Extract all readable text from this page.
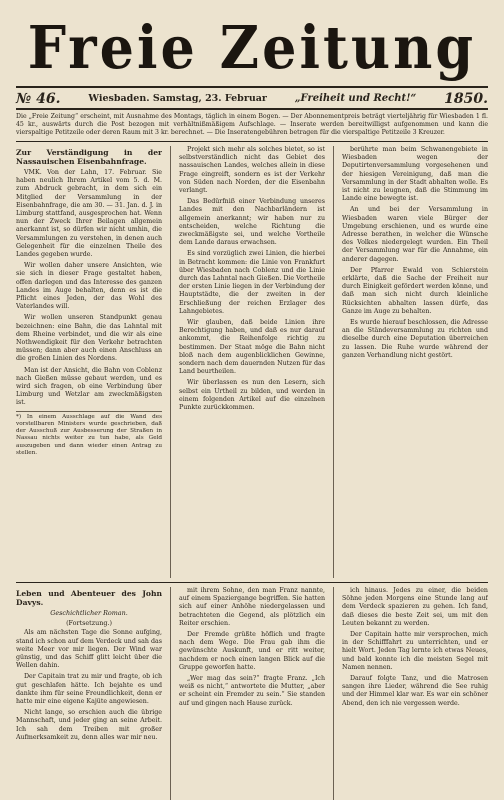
Freie Zeitung
№ 46.	Wiesbaden. Samstag, 23. Februar	„Freiheit und Recht!“ 1850.
Die „Freie Zeitung“ erscheint, mit Ausnahme des Montags, täglich in einem Bogen. — Der Abonnementpreis beträgt vierteljährig für Wiesbaden 1 fl. 45 kr., auswärts durch die Post bezogen mit verhältnißmäßigem Aufschlage. — Inserate werden bereitwilligst aufgenommen und kann die vierspaltige Petitzeile oder deren Raum mit 3 kr. berechnet. — Die Inseratengebühren betragen für die vierspaltige Petitzeile 3 Kreuzer.
Zur Verständigung in der Nassauischen Eisenbahnfrage.

VMK. Von der Lahn, 17. Februar. Sie haben neulich Ihrem Artikel vom 5. d. M. zum Abdruck gebracht, in dem sich ein Mitglied der Versammlung in der Eisenbahnfrage, die am 30. — 31. Jan. d. J. in Limburg stattfand, ausgesprochen hat. Wenn nun der Zweck Ihrer Beilagen allgemein anerkannt ist, so dürfen wir nicht umhin, die Versammlungen zu verstehen, in denen auch Gelegenheit für die einzelnen Theile des Landes gegeben wurde.

Wir wollen daher unsere Ansichten, wie sie sich in dieser Frage gestaltet haben, offen darlegen und das Interesse des ganzen Landes im Auge behalten, denn es ist die Pflicht eines Jeden, der das Wohl des Vaterlandes will.

Wir wollen unseren Standpunkt genau bezeichnen: eine Bahn, die das Lahntal mit dem Rheine verbindet, und die wir als eine Nothwendigkeit für den Verkehr betrachten müssen; dann aber auch einen Anschluss an die großen Linien des Nordens.

Man ist der Ansicht, die Bahn von Coblenz nach Gießen müsse gebaut werden, und es wird sich fragen, ob eine Verbindung über Limburg und Wetzlar am zweckmäßigsten ist.

*) In einem Ausschlage auf die Wand des vorstellbaren Ministers wurde geschrieben, daß der Ausschuß zur Ausbesserung der Straßen in Nassau nichts weiter zu tun habe, als Geld auszugeben und dann wieder einen Antrag zu stellen.

Projekt sich mehr als solches bietet, so ist selbstverständlich nicht das Gebiet des nassauischen Landes, welches allein in diese Frage eingreift, sondern es ist der Verkehr von Süden nach Norden, der die Eisenbahn verlangt.

Das Bedürfniß einer Verbindung unseres Landes mit den Nachbarländern ist allgemein anerkannt; wir haben nur zu entscheiden, welche Richtung die zweckmäßigste sei, und welche Vortheile dem Lande daraus erwachsen.

Es sind vorzüglich zwei Linien, die hierbei in Betracht kommen: die Linie von Frankfurt über Wiesbaden nach Coblenz und die Linie durch das Lahntal nach Gießen. Die Vortheile der ersten Linie liegen in der Verbindung der Hauptstädte, die der zweiten in der Erschließung der reichen Erzlager des Lahngebietes.

Wir glauben, daß beide Linien ihre Berechtigung haben, und daß es nur darauf ankommt, die Reihenfolge richtig zu bestimmen. Der Staat möge die Bahn nicht bloß nach dem augenblicklichen Gewinne, sondern nach dem dauernden Nutzen für das Land beurtheilen.

Wir überlassen es nun den Lesern, sich selbst ein Urtheil zu bilden, und werden in einem folgenden Artikel auf die einzelnen Punkte zurückkommen.

berührte man beim Schwanengebiete in Wiesbaden wegen der Deputirtenversammlung vorgesehenen und der hiesigen Vereinigung, daß man die Versammlung in der Stadt abhalten wolle. Es ist nicht zu leugnen, daß die Stimmung im Lande eine bewegte ist.

An und bei der Versammlung in Wiesbaden waren viele Bürger der Umgebung erschienen, und es wurde eine Adresse berathen, in welcher die Wünsche des Volkes niedergelegt wurden. Ein Theil der Versammlung war für die Annahme, ein anderer dagegen.

Der Pfarrer Ewald von Schierstein erklärte, daß die Sache der Freiheit nur durch Einigkeit gefördert werden könne, und daß man sich nicht durch kleinliche Rücksichten abhalten lassen dürfe, das Ganze im Auge zu behalten.

Es wurde hierauf beschlossen, die Adresse an die Ständeversammlung zu richten und dieselbe durch eine Deputation überreichen zu lassen. Die Ruhe wurde während der ganzen Verhandlung nicht gestört.

Leben und Abenteuer des John Davys.
Geschichtlicher Roman.
(Fortsetzung.)

Als am nächsten Tage die Sonne aufging, stand ich schon auf dem Verdeck und sah das weite Meer vor mir liegen. Der Wind war günstig, und das Schiff glitt leicht über die Wellen dahin.

Der Capitain trat zu mir und fragte, ob ich gut geschlafen hätte. Ich bejahte es und dankte ihm für seine Freundlichkeit, denn er hatte mir eine eigene Kajüte angewiesen.

Nicht lange, so erschien auch die übrige Mannschaft, und jeder ging an seine Arbeit. Ich sah dem Treiben mit großer Aufmerksamkeit zu, denn alles war mir neu.

mit ihrem Sohne, den man Franz nannte, auf einem Spaziergange begriffen. Sie hatten sich auf einer Anhöhe niedergelassen und betrachteten die Gegend, als plötzlich ein Reiter erschien.

Der Fremde grüßte höflich und fragte nach dem Wege. Die Frau gab ihm die gewünschte Auskunft, und er ritt weiter, nachdem er noch einen langen Blick auf die Gruppe geworfen hatte.

„Wer mag das sein?“ fragte Franz. „Ich weiß es nicht,“ antwortete die Mutter, „aber er scheint ein Fremder zu sein.“ Sie standen auf und gingen nach Hause zurück.

ich hinaus. Jedes zu einer, die beiden Söhne jeden Morgens eine Stunde lang auf dem Verdeck spazieren zu gehen. Ich fand, daß dieses die beste Zeit sei, um mit den Leuten bekannt zu werden.

Der Capitain hatte mir versprochen, mich in der Schifffahrt zu unterrichten, und er hielt Wort. Jeden Tag lernte ich etwas Neues, und bald konnte ich die meisten Segel mit Namen nennen.

Darauf folgte Tanz, und die Matrosen sangen ihre Lieder, während die See ruhig und der Himmel klar war. Es war ein schöner Abend, den ich nie vergessen werde.
